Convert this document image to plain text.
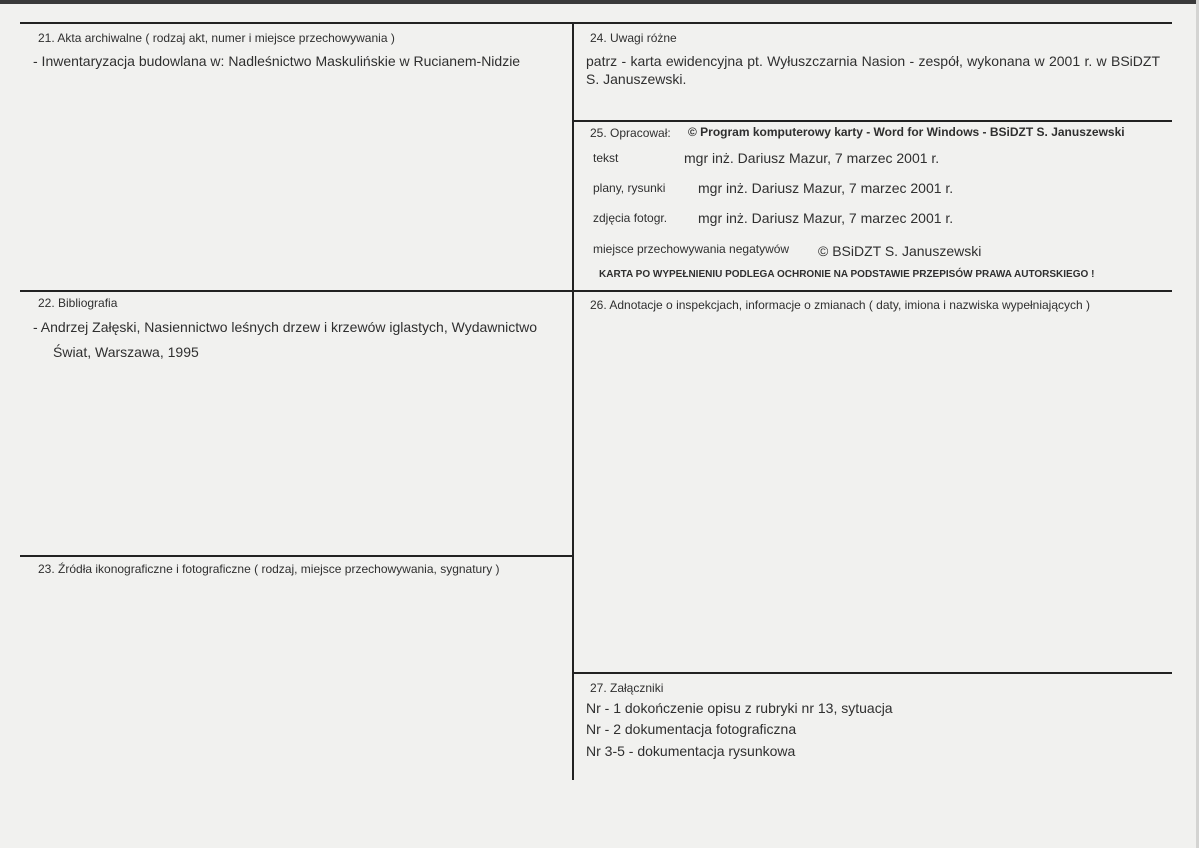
21. Akta archiwalne ( rodzaj akt, numer i miejsce przechowywania )
- Inwentaryzacja budowlana w: Nadleśnictwo Maskulińskie w Rucianem-Nidzie
22. Bibliografia
- Andrzej Załęski, Nasiennictwo leśnych drzew i krzewów iglastych, Wydawnictwo
Świat, Warszawa, 1995
23. Źródła ikonograficzne i fotograficzne ( rodzaj, miejsce przechowywania, sygnatury )
24. Uwagi różne
patrz - karta ewidencyjna pt. Wyłuszczarnia Nasion - zespół, wykonana w 2001 r. w BSiDZT S. Januszewski.
25. Opracował: © Program komputerowy karty - Word for Windows - BSiDZT S. Januszewski
tekst	mgr inż. Dariusz Mazur, 7 marzec 2001 r.
plany, rysunki mgr inż. Dariusz Mazur, 7 marzec 2001 r.
zdjęcia fotogr. mgr inż. Dariusz Mazur, 7 marzec 2001 r.
miejsce przechowywania negatywów © BSiDZT S. Januszewski
KARTA PO WYPEŁNIENIU PODLEGA OCHRONIE NA PODSTAWIE PRZEPISÓW PRAWA AUTORSKIEGO !
26. Adnotacje o inspekcjach, informacje o zmianach ( daty, imiona i nazwiska wypełniających )
27. Załączniki
Nr - 1 dokończenie opisu z rubryki nr 13, sytuacja
Nr - 2 dokumentacja fotograficzna
Nr 3-5 - dokumentacja rysunkowa
